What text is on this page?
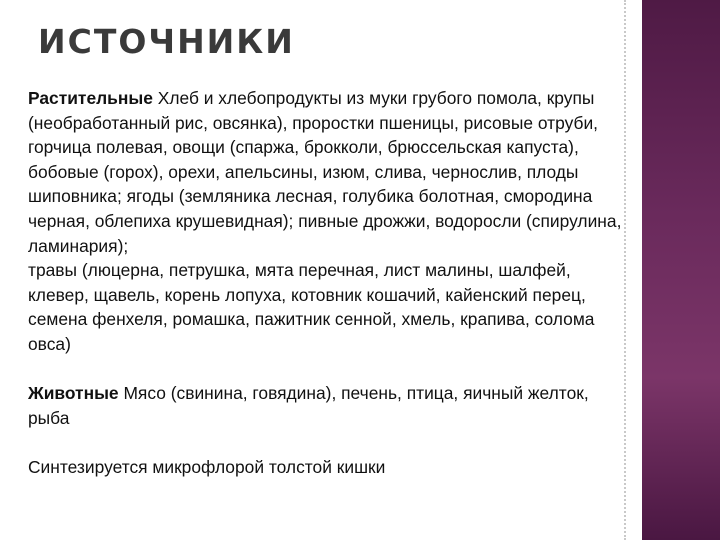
ИСТОЧНИКИ

Растительные Хлеб и хлебопродукты из муки грубого помола, крупы (необработанный рис, овсянка), проростки пшеницы, рисовые отруби, горчица полевая, овощи (спаржа, брокколи, брюссельская капуста), бобовые (горох), орехи, апельсины, изюм, слива, чернослив, плоды шиповника; ягоды (земляника лесная, голубика болотная, смородина черная, облепиха крушевидная); пивные дрожжи, водоросли (спирулина, ламинария);

травы (люцерна, петрушка, мята перечная, лист малины, шалфей, клевер, щавель, корень лопуха, котовник кошачий, кайенский перец, семена фенхеля, ромашка, пажитник сенной, хмель, крапива, солома овса)

Животные Мясо (свинина, говядина), печень, птица, яичный желток, рыба

Синтезируется микрофлорой толстой кишки
